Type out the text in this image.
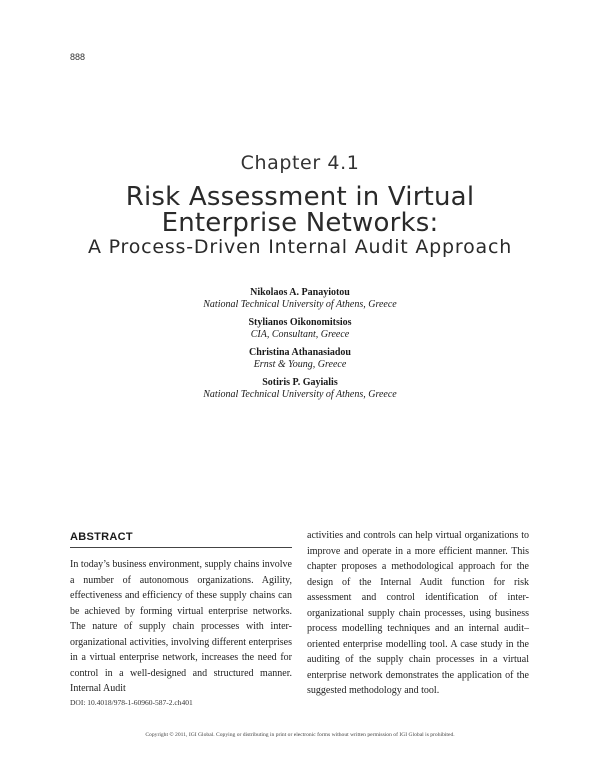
888
Chapter 4.1
Risk Assessment in Virtual
Enterprise Networks:
A Process-Driven Internal Audit Approach
Nikolaos A. Panayiotou
National Technical University of Athens, Greece
Stylianos Oikonomitsios
CIA, Consultant, Greece
Christina Athanasiadou
Ernst & Young, Greece
Sotiris P. Gayialis
National Technical University of Athens, Greece
ABSTRACT
In today’s business environment, supply chains involve a number of autonomous organizations. Agility, effectiveness and efficiency of these supply chains can be achieved by forming virtual enterprise networks. The nature of supply chain processes with inter-organizational activities, involving different enterprises in a virtual enterprise network, increases the need for control in a well-designed and structured manner. Internal Audit
activities and controls can help virtual organizations to improve and operate in a more efficient manner. This chapter proposes a methodological approach for the design of the Internal Audit function for risk assessment and control identification of inter-organizational supply chain processes, using business process modelling techniques and an internal audit–oriented enterprise modelling tool. A case study in the auditing of the supply chain processes in a virtual enterprise network demonstrates the application of the suggested methodology and tool.
DOI: 10.4018/978-1-60960-587-2.ch401
Copyright © 2011, IGI Global. Copying or distributing in print or electronic forms without written permission of IGI Global is prohibited.
